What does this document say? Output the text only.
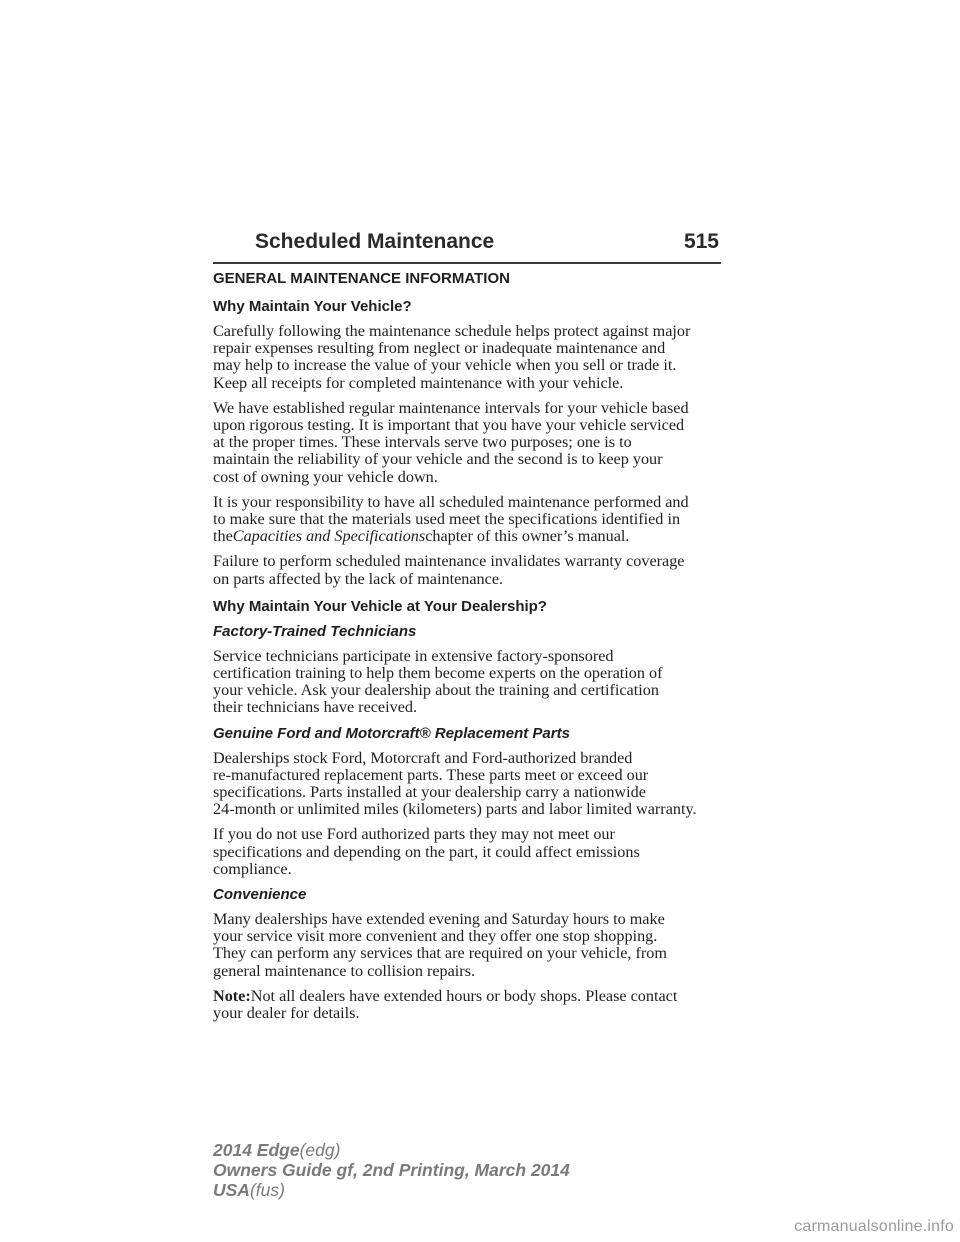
Scheduled Maintenance	515
GENERAL MAINTENANCE INFORMATION
Why Maintain Your Vehicle?
Carefully following the maintenance schedule helps protect against major
repair expenses resulting from neglect or inadequate maintenance and
may help to increase the value of your vehicle when you sell or trade it.
Keep all receipts for completed maintenance with your vehicle.
We have established regular maintenance intervals for your vehicle based
upon rigorous testing. It is important that you have your vehicle serviced
at the proper times. These intervals serve two purposes; one is to
maintain the reliability of your vehicle and the second is to keep your
cost of owning your vehicle down.
It is your responsibility to have all scheduled maintenance performed and
to make sure that the materials used meet the specifications identified in
theCapacities and Specificationschapter of this owner’s manual.
Failure to perform scheduled maintenance invalidates warranty coverage
on parts affected by the lack of maintenance.
Why Maintain Your Vehicle at Your Dealership?
Factory-Trained Technicians
Service technicians participate in extensive factory-sponsored
certification training to help them become experts on the operation of
your vehicle. Ask your dealership about the training and certification
their technicians have received.
Genuine Ford and Motorcraft® Replacement Parts
Dealerships stock Ford, Motorcraft and Ford-authorized branded
re-manufactured replacement parts. These parts meet or exceed our
specifications. Parts installed at your dealership carry a nationwide
24-month or unlimited miles (kilometers) parts and labor limited warranty.
If you do not use Ford authorized parts they may not meet our
specifications and depending on the part, it could affect emissions
compliance.
Convenience
Many dealerships have extended evening and Saturday hours to make
your service visit more convenient and they offer one stop shopping.
They can perform any services that are required on your vehicle, from
general maintenance to collision repairs.
Note:Not all dealers have extended hours or body shops. Please contact
your dealer for details.
2014 Edge(edg)
Owners Guide gf, 2nd Printing, March 2014
USA(fus)
carmanualsonline.info
